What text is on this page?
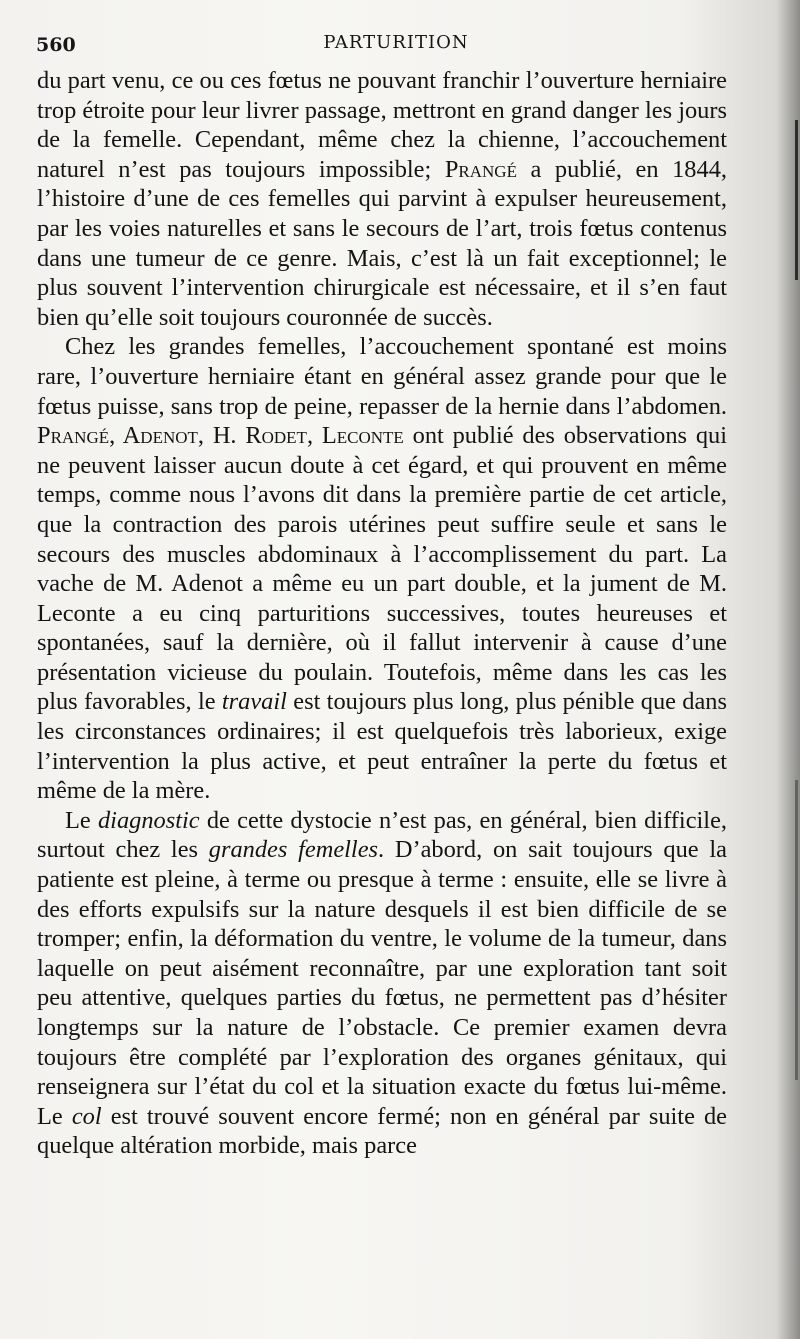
560	PARTURITION

du part venu, ce ou ces fœtus ne pouvant franchir l’ouverture herniaire trop étroite pour leur livrer passage, mettront en grand danger les jours de la femelle. Cependant, même chez la chienne, l’accouchement naturel n’est pas toujours impossible; Prangé a publié, en 1844, l’histoire d’une de ces femelles qui parvint à expulser heureusement, par les voies naturelles et sans le secours de l’art, trois fœtus contenus dans une tumeur de ce genre. Mais, c’est là un fait exceptionnel; le plus souvent l’intervention chirurgicale est nécessaire, et il s’en faut bien qu’elle soit toujours couronnée de succès.

Chez les grandes femelles, l’accouchement spontané est moins rare, l’ouverture herniaire étant en général assez grande pour que le fœtus puisse, sans trop de peine, repasser de la hernie dans l’abdomen. Prangé, Adenot, H. Rodet, Leconte ont publié des observations qui ne peuvent laisser aucun doute à cet égard, et qui prouvent en même temps, comme nous l’avons dit dans la première partie de cet article, que la contraction des parois utérines peut suffire seule et sans le secours des muscles abdominaux à l’accomplissement du part. La vache de M. Adenot a même eu un part double, et la jument de M. Leconte a eu cinq parturitions successives, toutes heureuses et spontanées, sauf la dernière, où il fallut intervenir à cause d’une présentation vicieuse du poulain. Toutefois, même dans les cas les plus favorables, le travail est toujours plus long, plus pénible que dans les circonstances ordinaires; il est quelquefois très laborieux, exige l’intervention la plus active, et peut entraîner la perte du fœtus et même de la mère.

Le diagnostic de cette dystocie n’est pas, en général, bien difficile, surtout chez les grandes femelles. D’abord, on sait toujours que la patiente est pleine, à terme ou presque à terme : ensuite, elle se livre à des efforts expulsifs sur la nature desquels il est bien difficile de se tromper; enfin, la déformation du ventre, le volume de la tumeur, dans laquelle on peut aisément reconnaître, par une exploration tant soit peu attentive, quelques parties du fœtus, ne permettent pas d’hésiter longtemps sur la nature de l’obstacle. Ce premier examen devra toujours être complété par l’exploration des organes génitaux, qui renseignera sur l’état du col et la situation exacte du fœtus lui-même. Le col est trouvé souvent encore fermé; non en général par suite de quelque altération morbide, mais parce
